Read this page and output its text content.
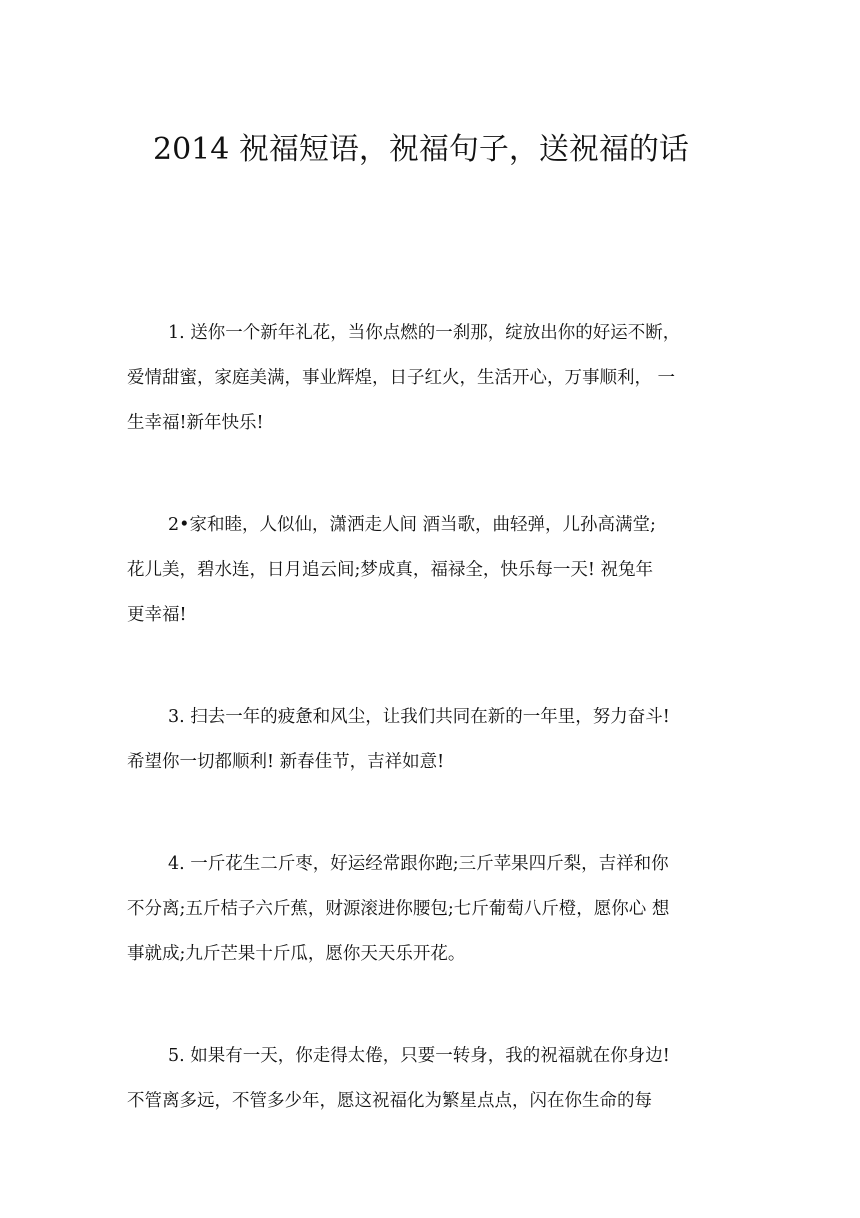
2014 祝福短语，祝福句子，送祝福的话

1. 送你一个新年礼花，当你点燃的一刹那，绽放出你的好运不断，
爱情甜蜜，家庭美满，事业辉煌，日子红火，生活开心，万事顺利， 一
生幸福!新年快乐!

2•家和睦，人似仙，潇洒走人间 酒当歌，曲轻弹，儿孙高满堂;
花儿美，碧水连，日月追云间;梦成真，福禄全，快乐每一天! 祝兔年
更幸福!

3. 扫去一年的疲惫和风尘，让我们共同在新的一年里，努力奋斗!
希望你一切都顺利! 新春佳节，吉祥如意!

4. 一斤花生二斤枣，好运经常跟你跑;三斤苹果四斤梨，吉祥和你
不分离;五斤桔子六斤蕉，财源滚进你腰包;七斤葡萄八斤橙，愿你心 想
事就成;九斤芒果十斤瓜，愿你天天乐开花。

5. 如果有一天，你走得太倦，只要一转身，我的祝福就在你身边!
不管离多远，不管多少年，愿这祝福化为繁星点点，闪在你生命的每
